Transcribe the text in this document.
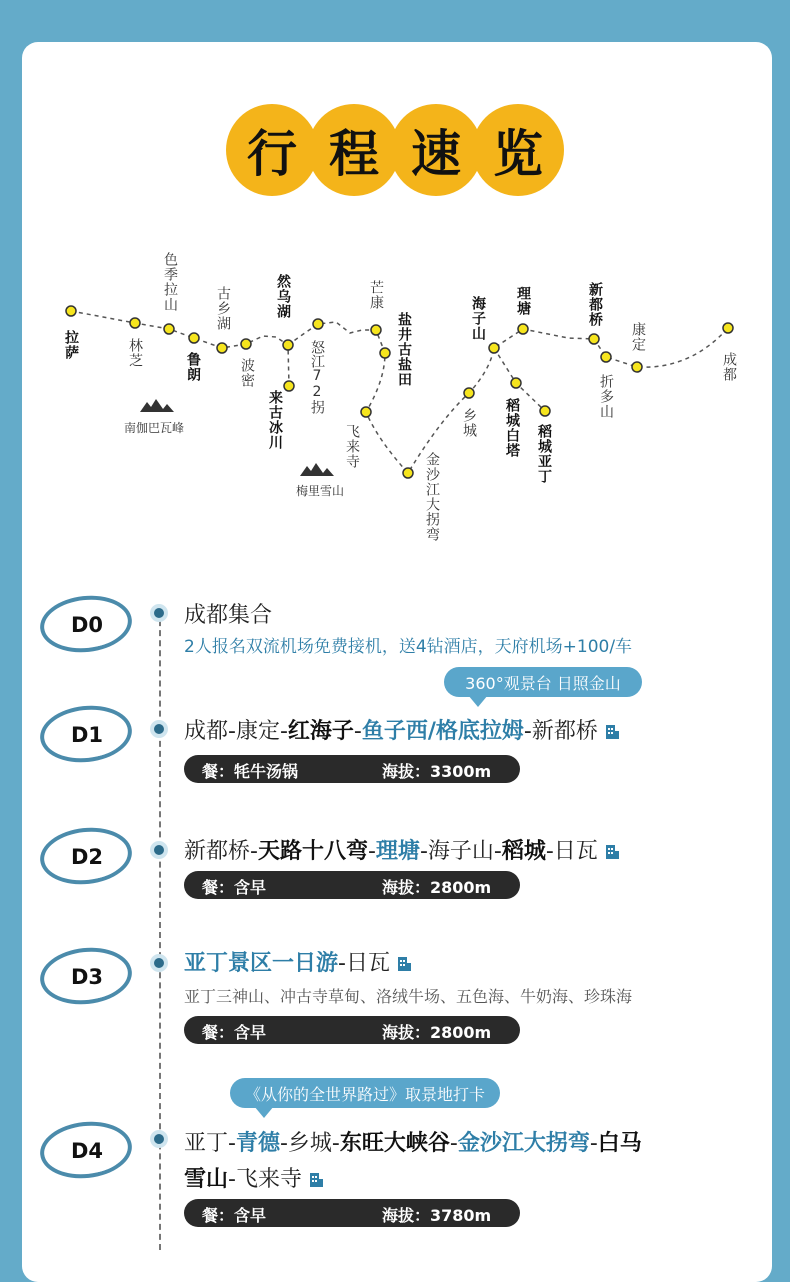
行 程 速 览
拉萨	林芝
色季拉山
鲁朗
古乡湖
波密
然乌湖
来古冰川
怒江72拐
芒康
盐井古盐田
飞来寺
金沙江大拐弯
乡城
海子山
稻城白塔 稻城亚丁
理塘	新都桥
折多山
康定
成都
南伽巴瓦峰
梅里雪山
D0	成都集合
2人报名双流机场免费接机，送4钻酒店，天府机场+100/车
360°观景台 日照金山
D1	成都-康定-红海子-鱼子西/格底拉姆-新都桥
餐：牦牛汤锅	海拔：3300m
D2	新都桥-天路十八弯-理塘-海子山-稻城-日瓦
餐：含早	海拔：2800m
D3
亚丁景区一日游-日瓦
亚丁三神山、冲古寺草甸、洛绒牛场、五色海、牛奶海、珍珠海
餐：含早	海拔：2800m
《从你的全世界路过》取景地打卡
D4	亚丁-青德-乡城-东旺大峡谷-金沙江大拐弯-白马
雪山-飞来寺
餐：含早	海拔：3780m
